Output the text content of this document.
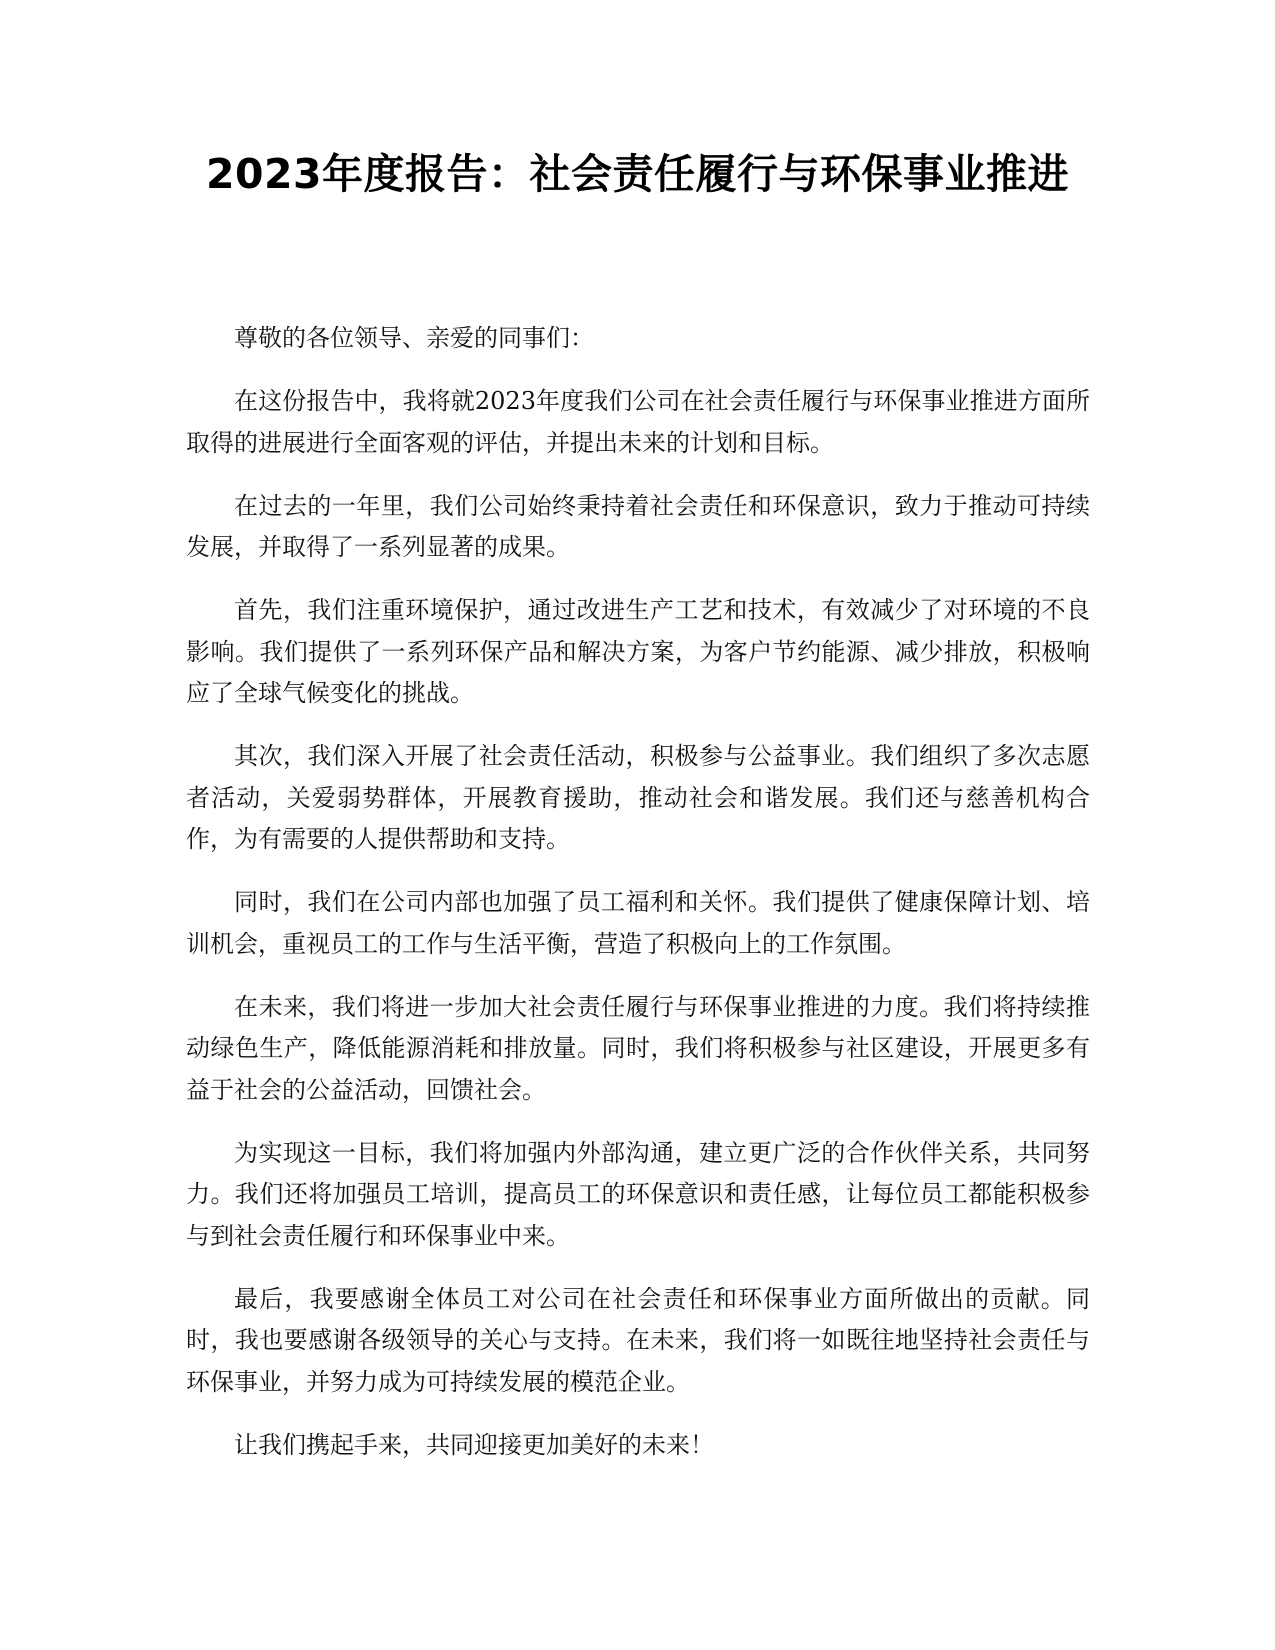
2023年度报告：社会责任履行与环保事业推进

尊敬的各位领导、亲爱的同事们：

在这份报告中，我将就2023年度我们公司在社会责任履行与环保事业推进方面所取得的进展进行全面客观的评估，并提出未来的计划和目标。

在过去的一年里，我们公司始终秉持着社会责任和环保意识，致力于推动可持续发展，并取得了一系列显著的成果。

首先，我们注重环境保护，通过改进生产工艺和技术，有效减少了对环境的不良影响。我们提供了一系列环保产品和解决方案，为客户节约能源、减少排放，积极响应了全球气候变化的挑战。

其次，我们深入开展了社会责任活动，积极参与公益事业。我们组织了多次志愿者活动，关爱弱势群体，开展教育援助，推动社会和谐发展。我们还与慈善机构合作，为有需要的人提供帮助和支持。

同时，我们在公司内部也加强了员工福利和关怀。我们提供了健康保障计划、培训机会，重视员工的工作与生活平衡，营造了积极向上的工作氛围。

在未来，我们将进一步加大社会责任履行与环保事业推进的力度。我们将持续推动绿色生产，降低能源消耗和排放量。同时，我们将积极参与社区建设，开展更多有益于社会的公益活动，回馈社会。

为实现这一目标，我们将加强内外部沟通，建立更广泛的合作伙伴关系，共同努力。我们还将加强员工培训，提高员工的环保意识和责任感，让每位员工都能积极参与到社会责任履行和环保事业中来。

最后，我要感谢全体员工对公司在社会责任和环保事业方面所做出的贡献。同时，我也要感谢各级领导的关心与支持。在未来，我们将一如既往地坚持社会责任与环保事业，并努力成为可持续发展的模范企业。

让我们携起手来，共同迎接更加美好的未来！
